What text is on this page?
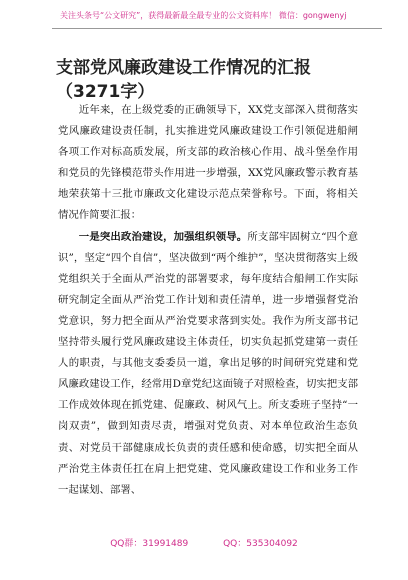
关注头条号“公文研究”，获得最新最全最专业的公文资料库！ 微信：gongwenyj
支部党风廉政建设工作情况的汇报（3271字）

近年来，在上级党委的正确领导下，XX党支部深入贯彻落实党风廉政建设责任制，扎实推进党风廉政建设工作引领促进船闸各项工作对标高质发展，所支部的政治核心作用、战斗堡垒作用和党员的先锋模范带头作用进一步增强，XX党风廉政警示教育基地荣获第十三批市廉政文化建设示范点荣誉称号。下面，将相关情况作简要汇报：

一是突出政治建设，加强组织领导。所支部牢固树立“四个意识”，坚定“四个自信”，坚决做到“两个维护”，坚决贯彻落实上级党组织关于全面从严治党的部署要求，每年度结合船闸工作实际研究制定全面从严治党工作计划和责任清单，进一步增强督党治党意识，努力把全面从严治党要求落到实处。我作为所支部书记坚持带头履行党风廉政建设主体责任，切实负起抓党建第一责任人的职责，与其他支委委员一道，拿出足够的时间研究党建和党风廉政建设工作，经常用D章党纪这面镜子对照检查，切实把支部工作成效体现在抓党建、促廉政、树风气上。所支委班子坚持“一岗双责”，做到知责尽责，增强对党负责、对本单位政治生态负责、对党员干部健康成长负责的责任感和使命感，切实把全面从严治党主体责任扛在肩上把党建、党风廉政建设工作和业务工作一起谋划、部署、

QQ群：31991489	QQ：535304092
